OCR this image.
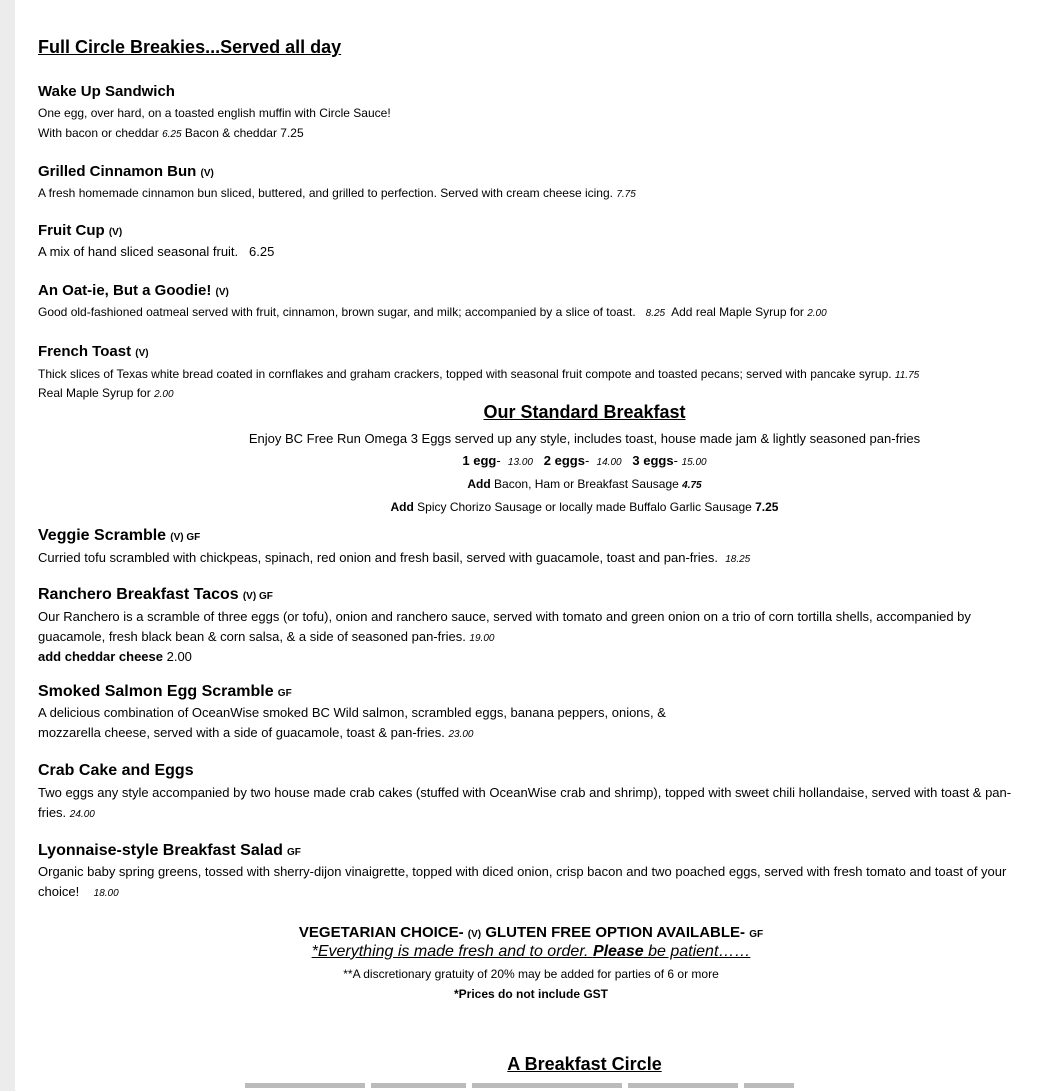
Full Circle Breakies...Served all day
Wake Up Sandwich
One egg, over hard, on a toasted english muffin with Circle Sauce!
With bacon or cheddar 6.25 Bacon & cheddar 7.25
Grilled Cinnamon Bun (V)
A fresh homemade cinnamon bun sliced, buttered, and grilled to perfection. Served with cream cheese icing. 7.75
Fruit Cup (V)
A mix of hand sliced seasonal fruit.   6.25
An Oat-ie, But a Goodie! (V)
Good old-fashioned oatmeal served with fruit, cinnamon, brown sugar, and milk; accompanied by a slice of toast.   8.25  Add real Maple Syrup for 2.00
French Toast (V)
Thick slices of Texas white bread coated in cornflakes and graham crackers, topped with seasonal fruit compote and toasted pecans; served with pancake syrup. 11.75
Real Maple Syrup for 2.00
Our Standard Breakfast
Enjoy BC Free Run Omega 3 Eggs served up any style, includes toast, house made jam & lightly seasoned pan-fries
1 egg-  13.00 2 eggs-  14.00 3 eggs- 15.00
Add Bacon, Ham or Breakfast Sausage 4.75
Add Spicy Chorizo Sausage or locally made Buffalo Garlic Sausage 7.25
Veggie Scramble (V) GF
Curried tofu scrambled with chickpeas, spinach, red onion and fresh basil, served with guacamole, toast and pan-fries.  18.25
Ranchero Breakfast Tacos (V) GF
Our Ranchero is a scramble of three eggs (or tofu), onion and ranchero sauce, served with tomato and green onion on a trio of corn tortilla shells, accompanied by guacamole, fresh black bean & corn salsa, & a side of seasoned pan-fries. 19.00
add cheddar cheese 2.00
Smoked Salmon Egg Scramble GF
A delicious combination of OceanWise smoked BC Wild salmon, scrambled eggs, banana peppers, onions, & mozzarella cheese, served with a side of guacamole, toast & pan-fries. 23.00
Crab Cake and Eggs
Two eggs any style accompanied by two house made crab cakes (stuffed with OceanWise crab and shrimp), topped with sweet chili hollandaise, served with toast & pan-fries. 24.00
Lyonnaise-style Breakfast Salad GF
Organic baby spring greens, tossed with sherry-dijon vinaigrette, topped with diced onion, crisp bacon and two poached eggs, served with fresh tomato and toast of your choice!    18.00
VEGETARIAN CHOICE- (V) GLUTEN FREE OPTION AVAILABLE- GF
*Everything is made fresh and to order. Please be patient……
**A discretionary gratuity of 20% may be added for parties of 6 or more
*Prices do not include GST
A Breakfast Circle
